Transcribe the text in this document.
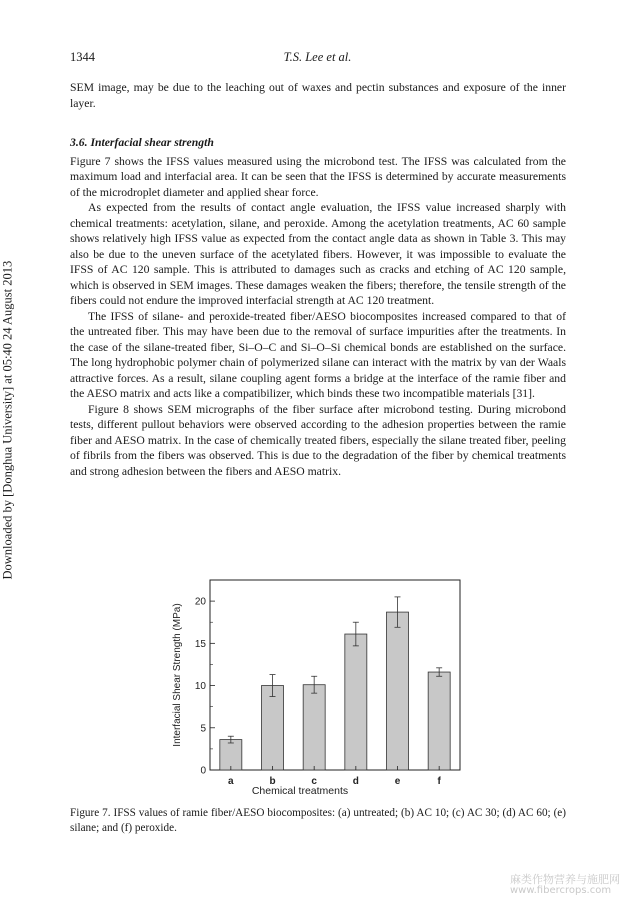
1344	T.S. Lee et al.
Downloaded by [Donghua University] at 05:40 24 August 2013

SEM image, may be due to the leaching out of waxes and pectin substances and exposure of the inner layer.

3.6. Interfacial shear strength

Figure 7 shows the IFSS values measured using the microbond test. The IFSS was calculated from the maximum load and interfacial area. It can be seen that the IFSS is determined by accurate measurements of the microdroplet diameter and applied shear force.

As expected from the results of contact angle evaluation, the IFSS value increased sharply with chemical treatments: acetylation, silane, and peroxide. Among the acetylation treatments, AC 60 sample shows relatively high IFSS value as expected from the contact angle data as shown in Table 3. This may also be due to the uneven surface of the acetylated fibers. However, it was impossible to evaluate the IFSS of AC 120 sample. This is attributed to damages such as cracks and etching of AC 120 sample, which is observed in SEM images. These damages weaken the fibers; therefore, the tensile strength of the fibers could not endure the improved interfacial strength at AC 120 treatment.

The IFSS of silane- and peroxide-treated fiber/AESO biocomposites increased compared to that of the untreated fiber. This may have been due to the removal of surface impurities after the treatments. In the case of the silane-treated fiber, Si–O–C and Si–O–Si chemical bonds are established on the surface. The long hydrophobic polymer chain of polymerized silane can interact with the matrix by van der Waals attractive forces. As a result, silane coupling agent forms a bridge at the interface of the ramie fiber and the AESO matrix and acts like a compatibilizer, which binds these two incompatible materials [31].

Figure 8 shows SEM micrographs of the fiber surface after microbond testing. During microbond tests, different pullout behaviors were observed according to the adhesion properties between the ramie fiber and AESO matrix. In the case of chemically treated fibers, especially the silane treated fiber, peeling of fibrils from the fibers was observed. This is due to the degradation of the fiber by chemical treatments and strong adhesion between the fibers and AESO matrix.

0
5
10
15
20
a	b	c	d	e	f
Chemical treatments
Interfacial Shear Strength (MPa)
Figure 7. IFSS values of ramie fiber/AESO biocomposites: (a) untreated; (b) AC 10; (c) AC 30; (d) AC 60; (e) silane; and (f) peroxide.
麻类作物营养与施肥网
www.fibercrops.com
